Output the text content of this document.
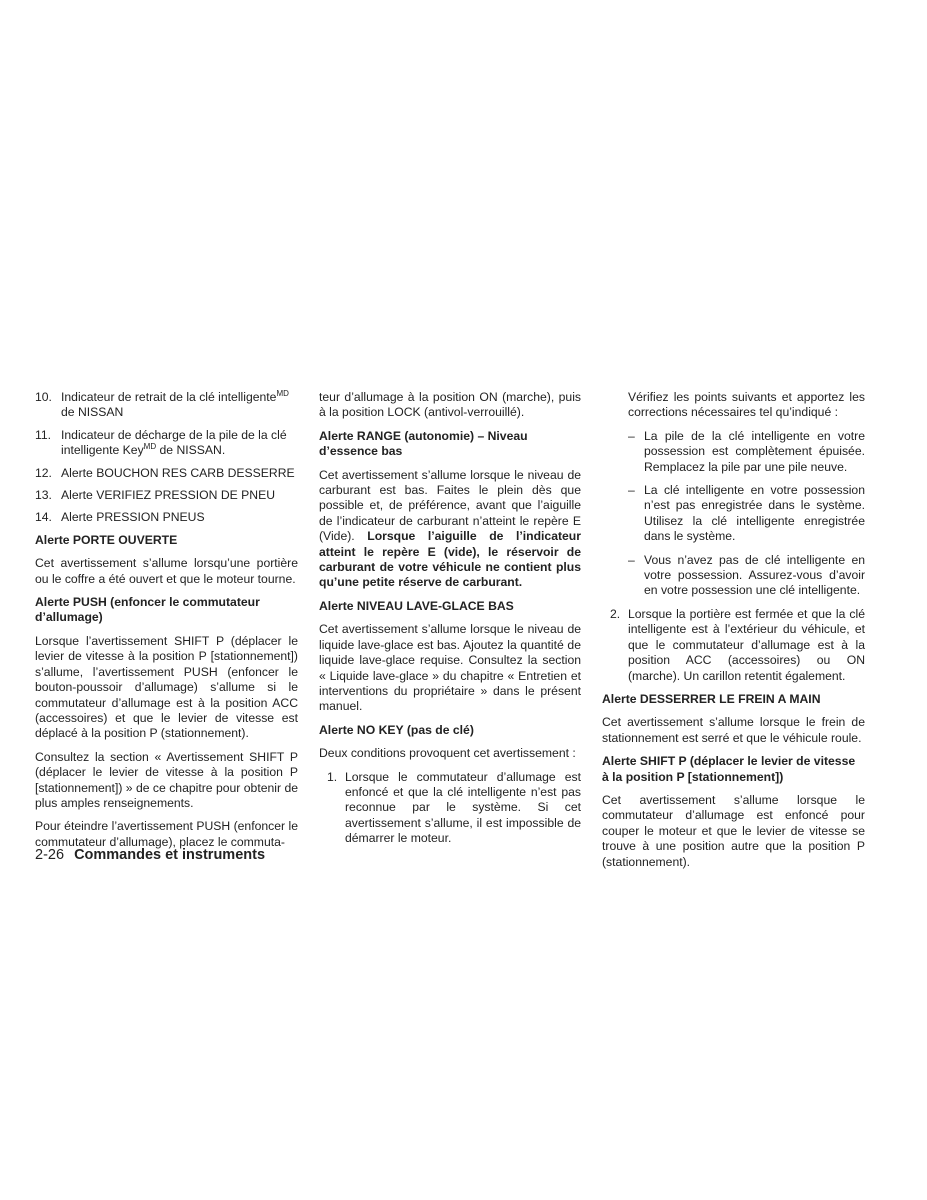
10. Indicateur de retrait de la clé intelligente$^{MD}$
de NISSAN
11. Indicateur de décharge de la pile de la clé intelligente Key$^{MD}$ de NISSAN.
12. Alerte BOUCHON RES CARB DESSERRE
13. Alerte VERIFIEZ PRESSION DE PNEU
14. Alerte PRESSION PNEUS
Alerte PORTE OUVERTE
Cet avertissement s’allume lorsqu’une portière ou le coffre a été ouvert et que le moteur tourne.
Alerte PUSH (enfoncer le commutateur d’allumage)
Lorsque l’avertissement SHIFT P (déplacer le levier de vitesse à la position P [stationnement]) s’allume, l’avertissement PUSH (enfoncer le bouton-poussoir d’allumage) s’allume si le commutateur d’allumage est à la position ACC (accessoires) et que le levier de vitesse est déplacé à la position P (stationnement).
Consultez la section « Avertissement SHIFT P (déplacer le levier de vitesse à la position P [stationnement]) » de ce chapitre pour obtenir de plus amples renseignements.
Pour éteindre l’avertissement PUSH (enfoncer le commutateur d’allumage), placez le commuta-
teur d’allumage à la position ON (marche), puis à la position LOCK (antivol-verrouillé).
Alerte RANGE (autonomie) – Niveau d’essence bas
Cet avertissement s’allume lorsque le niveau de carburant est bas. Faites le plein dès que possible et, de préférence, avant que l’aiguille de l’indicateur de carburant n’atteint le repère E (Vide). Lorsque l’aiguille de l’indicateur atteint le repère E (vide), le réservoir de carburant de votre véhicule ne contient plus qu’une petite réserve de carburant.
Alerte NIVEAU LAVE-GLACE BAS
Cet avertissement s’allume lorsque le niveau de liquide lave-glace est bas. Ajoutez la quantité de liquide lave-glace requise. Consultez la section « Liquide lave-glace » du chapitre « Entretien et interventions du propriétaire » dans le présent manuel.
Alerte NO KEY (pas de clé)
Deux conditions provoquent cet avertissement :
1. Lorsque le commutateur d’allumage est enfoncé et que la clé intelligente n’est pas reconnue par le système. Si cet avertissement s’allume, il est impossible de démarrer le moteur.
Vérifiez les points suivants et apportez les corrections nécessaires tel qu’indiqué :
– La pile de la clé intelligente en votre possession est complètement épuisée. Remplacez la pile par une pile neuve.
– La clé intelligente en votre possession n’est pas enregistrée dans le système. Utilisez la clé intelligente enregistrée dans le système.
– Vous n’avez pas de clé intelligente en votre possession. Assurez-vous d’avoir en votre possession une clé intelligente.
2. Lorsque la portière est fermée et que la clé intelligente est à l’extérieur du véhicule, et que le commutateur d’allumage est à la position ACC (accessoires) ou ON (marche). Un carillon retentit également.
Alerte DESSERRER LE FREIN A MAIN
Cet avertissement s’allume lorsque le frein de stationnement est serré et que le véhicule roule.
Alerte SHIFT P (déplacer le levier de vitesse à la position P [stationnement])
Cet avertissement s’allume lorsque le commutateur d’allumage est enfoncé pour couper le moteur et que le levier de vitesse se trouve à une position autre que la position P (stationnement).
2-26 Commandes et instruments
